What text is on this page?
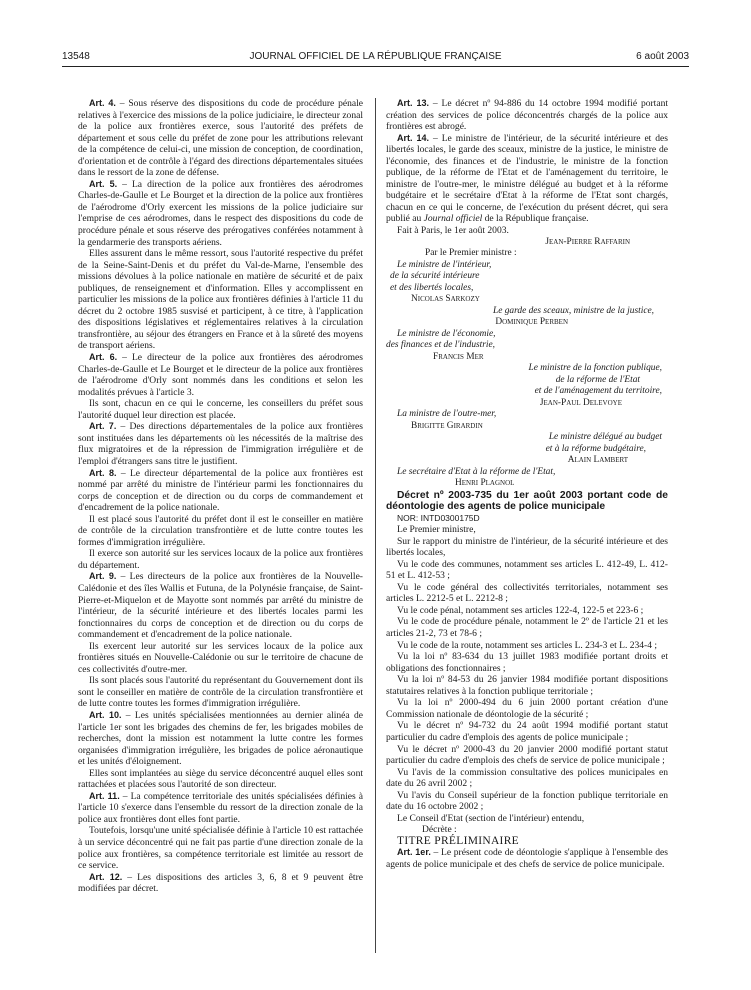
13548	JOURNAL OFFICIEL DE LA RÉPUBLIQUE FRANÇAISE	6 août 2003

Art. 4. – Sous réserve des dispositions du code de procédure pénale relatives à l'exercice des missions de la police judiciaire, le directeur zonal de la police aux frontières exerce, sous l'autorité des préfets de département et sous celle du préfet de zone pour les attributions relevant de la compétence de celui-ci, une mission de conception, de coordination, d'orientation et de contrôle à l'égard des directions départementales situées dans le ressort de la zone de défense.

Art. 5. – La direction de la police aux frontières des aérodromes Charles-de-Gaulle et Le Bourget et la direction de la police aux frontières de l'aérodrome d'Orly exercent les missions de la police judiciaire sur l'emprise de ces aérodromes, dans le respect des dispositions du code de procédure pénale et sous réserve des prérogatives conférées notamment à la gendarmerie des transports aériens.

Elles assurent dans le même ressort, sous l'autorité respective du préfet de la Seine-Saint-Denis et du préfet du Val-de-Marne, l'ensemble des missions dévolues à la police nationale en matière de sécurité et de paix publiques, de renseignement et d'information. Elles y accomplissent en particulier les missions de la police aux frontières définies à l'article 11 du décret du 2 octobre 1985 susvisé et participent, à ce titre, à l'application des dispositions législatives et réglementaires relatives à la circulation transfrontière, au séjour des étrangers en France et à la sûreté des moyens de transport aériens.

Art. 6. – Le directeur de la police aux frontières des aérodromes Charles-de-Gaulle et Le Bourget et le directeur de la police aux frontières de l'aérodrome d'Orly sont nommés dans les conditions et selon les modalités prévues à l'article 3.

Ils sont, chacun en ce qui le concerne, les conseillers du préfet sous l'autorité duquel leur direction est placée.

Art. 7. – Des directions départementales de la police aux frontières sont instituées dans les départements où les nécessités de la maîtrise des flux migratoires et de la répression de l'immigration irrégulière et de l'emploi d'étrangers sans titre le justifient.

Art. 8. – Le directeur départemental de la police aux frontières est nommé par arrêté du ministre de l'intérieur parmi les fonctionnaires du corps de conception et de direction ou du corps de commandement et d'encadrement de la police nationale.

Il est placé sous l'autorité du préfet dont il est le conseiller en matière de contrôle de la circulation transfrontière et de lutte contre toutes les formes d'immigration irrégulière.

Il exerce son autorité sur les services locaux de la police aux frontières du département.

Art. 9. – Les directeurs de la police aux frontières de la Nouvelle-Calédonie et des îles Wallis et Futuna, de la Polynésie française, de Saint-Pierre-et-Miquelon et de Mayotte sont nommés par arrêté du ministre de l'intérieur, de la sécurité intérieure et des libertés locales parmi les fonctionnaires du corps de conception et de direction ou du corps de commandement et d'encadrement de la police nationale.

Ils exercent leur autorité sur les services locaux de la police aux frontières situés en Nouvelle-Calédonie ou sur le territoire de chacune de ces collectivités d'outre-mer.

Ils sont placés sous l'autorité du représentant du Gouvernement dont ils sont le conseiller en matière de contrôle de la circulation transfrontière et de lutte contre toutes les formes d'immigration irrégulière.

Art. 10. – Les unités spécialisées mentionnées au dernier alinéa de l'article 1er sont les brigades des chemins de fer, les brigades mobiles de recherches, dont la mission est notamment la lutte contre les formes organisées d'immigration irrégulière, les brigades de police aéronautique et les unités d'éloignement.

Elles sont implantées au siège du service déconcentré auquel elles sont rattachées et placées sous l'autorité de son directeur.

Art. 11. – La compétence territoriale des unités spécialisées définies à l'article 10 s'exerce dans l'ensemble du ressort de la direction zonale de la police aux frontières dont elles font partie.

Toutefois, lorsqu'une unité spécialisée définie à l'article 10 est rattachée à un service déconcentré qui ne fait pas partie d'une direction zonale de la police aux frontières, sa compétence territoriale est limitée au ressort de ce service.

Art. 12. – Les dispositions des articles 3, 6, 8 et 9 peuvent être modifiées par décret.

Art. 13. – Le décret nº 94-886 du 14 octobre 1994 modifié portant création des services de police déconcentrés chargés de la police aux frontières est abrogé.

Art. 14. – Le ministre de l'intérieur, de la sécurité intérieure et des libertés locales, le garde des sceaux, ministre de la justice, le ministre de l'économie, des finances et de l'industrie, le ministre de la fonction publique, de la réforme de l'Etat et de l'aménagement du territoire, le ministre de l'outre-mer, le ministre délégué au budget et à la réforme budgétaire et le secrétaire d'Etat à la réforme de l'Etat sont chargés, chacun en ce qui le concerne, de l'exécution du présent décret, qui sera publié au Journal officiel de la République française.

Fait à Paris, le 1er août 2003.

Jean-Pierre Raffarin

Par le Premier ministre :

Le ministre de l'intérieur,
de la sécurité intérieure
et des libertés locales,

Nicolas Sarkozy

Le garde des sceaux, ministre de la justice,

Dominique Perben

Le ministre de l'économie,
des finances et de l'industrie,

Francis Mer

Le ministre de la fonction publique,
de la réforme de l'Etat
et de l'aménagement du territoire,

Jean-Paul Delevoye

La ministre de l'outre-mer,

Brigitte Girardin

Le ministre délégué au budget
et à la réforme budgétaire,

Alain Lambert

Le secrétaire d'Etat à la réforme de l'Etat,

Henri Plagnol

Décret nº 2003-735 du 1er août 2003 portant code de déontologie des agents de police municipale

NOR: INTD0300175D

Le Premier ministre,

Sur le rapport du ministre de l'intérieur, de la sécurité intérieure et des libertés locales,

Vu le code des communes, notamment ses articles L. 412-49, L. 412-51 et L. 412-53 ;

Vu le code général des collectivités territoriales, notamment ses articles L. 2212-5 et L. 2212-8 ;

Vu le code pénal, notamment ses articles 122-4, 122-5 et 223-6 ;

Vu le code de procédure pénale, notamment le 2º de l'article 21 et les articles 21-2, 73 et 78-6 ;

Vu le code de la route, notamment ses articles L. 234-3 et L. 234-4 ;

Vu la loi nº 83-634 du 13 juillet 1983 modifiée portant droits et obligations des fonctionnaires ;

Vu la loi nº 84-53 du 26 janvier 1984 modifiée portant dispositions statutaires relatives à la fonction publique territoriale ;

Vu la loi nº 2000-494 du 6 juin 2000 portant création d'une Commission nationale de déontologie de la sécurité ;

Vu le décret nº 94-732 du 24 août 1994 modifié portant statut particulier du cadre d'emplois des agents de police municipale ;

Vu le décret nº 2000-43 du 20 janvier 2000 modifié portant statut particulier du cadre d'emplois des chefs de service de police municipale ;

Vu l'avis de la commission consultative des polices municipales en date du 26 avril 2002 ;

Vu l'avis du Conseil supérieur de la fonction publique territoriale en date du 16 octobre 2002 ;

Le Conseil d'Etat (section de l'intérieur) entendu,

Décrète :

TITRE PRÉLIMINAIRE

Art. 1er. – Le présent code de déontologie s'applique à l'ensemble des agents de police municipale et des chefs de service de police municipale.
